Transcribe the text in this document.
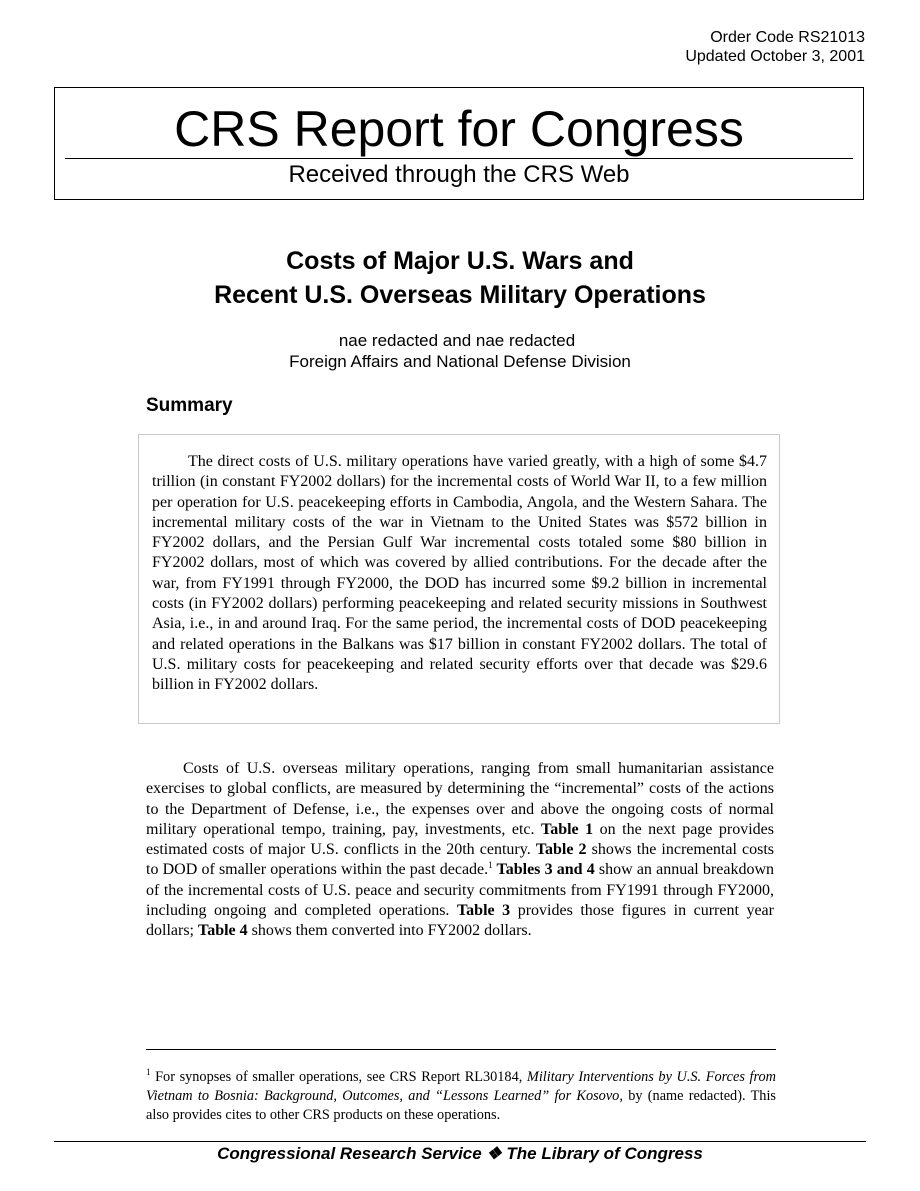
Order Code RS21013
Updated October 3, 2001
CRS Report for Congress
Received through the CRS Web
Costs of Major U.S. Wars and
Recent U.S. Overseas Military Operations
nae redacted and nae redacted
Foreign Affairs and National Defense Division
Summary

The direct costs of U.S. military operations have varied greatly, with a high of some $4.7 trillion (in constant FY2002 dollars) for the incremental costs of World War II, to a few million per operation for U.S. peacekeeping efforts in Cambodia, Angola, and the Western Sahara. The incremental military costs of the war in Vietnam to the United States was $572 billion in FY2002 dollars, and the Persian Gulf War incremental costs totaled some $80 billion in FY2002 dollars, most of which was covered by allied contributions. For the decade after the war, from FY1991 through FY2000, the DOD has incurred some $9.2 billion in incremental costs (in FY2002 dollars) performing peacekeeping and related security missions in Southwest Asia, i.e., in and around Iraq. For the same period, the incremental costs of DOD peacekeeping and related operations in the Balkans was $17 billion in constant FY2002 dollars. The total of U.S. military costs for peacekeeping and related security efforts over that decade was $29.6 billion in FY2002 dollars.

Costs of U.S. overseas military operations, ranging from small humanitarian assistance exercises to global conflicts, are measured by determining the “incremental” costs of the actions to the Department of Defense, i.e., the expenses over and above the ongoing costs of normal military operational tempo, training, pay, investments, etc. Table 1 on the next page provides estimated costs of major U.S. conflicts in the 20th century. Table 2 shows the incremental costs to DOD of smaller operations within the past decade.$^1$ Tables 3 and 4 show an annual breakdown of the incremental costs of U.S. peace and security commitments from FY1991 through FY2000, including ongoing and completed operations. Table 3 provides those figures in current year dollars; Table 4 shows them converted into FY2002 dollars.

$^1$ For synopses of smaller operations, see CRS Report RL30184, Military Interventions by U.S. Forces from Vietnam to Bosnia: Background, Outcomes, and “Lessons Learned” for Kosovo, by (name redacted). This also provides cites to other CRS products on these operations.

Congressional Research Service ❖ The Library of Congress
